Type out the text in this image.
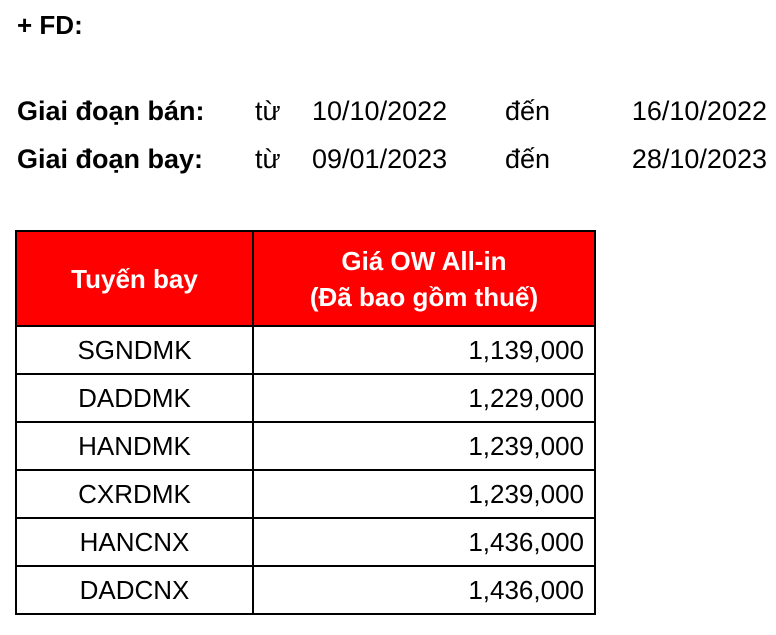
+ FD:
Giai đoạn bán: từ 10/10/2022 đến	16/10/2022
Giai đoạn bay: từ 09/01/2023 đến	28/10/2023
Tuyến bay	Giá OW All-in
(Đã bao gồm thuế)

SGNDMK	1,139,000
DADDMK	1,229,000
HANDMK	1,239,000
CXRDMK	1,239,000
HANCNX	1,436,000
DADCNX	1,436,000
